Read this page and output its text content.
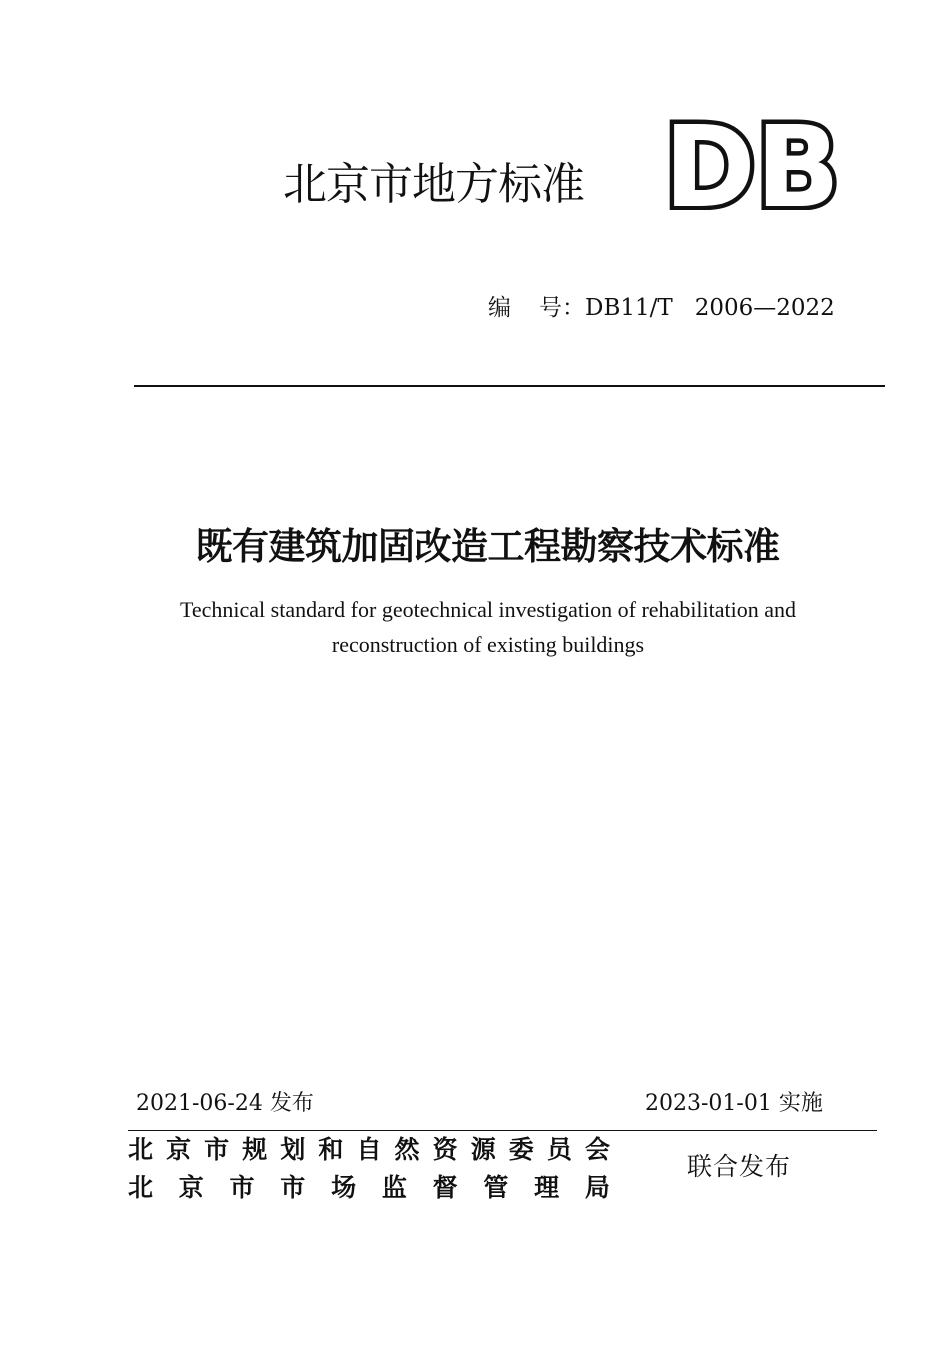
北京市地方标准 DB
编 号：DB11/T 2006—2022
既有建筑加固改造工程勘察技术标准
Technical standard for geotechnical investigation of rehabilitation and reconstruction of existing buildings
2021-06-24 发布	2023-01-01 实施
北 京 市 规 划 和 自 然 资 源 委 员 会
北 京 市 市 场 监 督 管 理 局
联合发布
